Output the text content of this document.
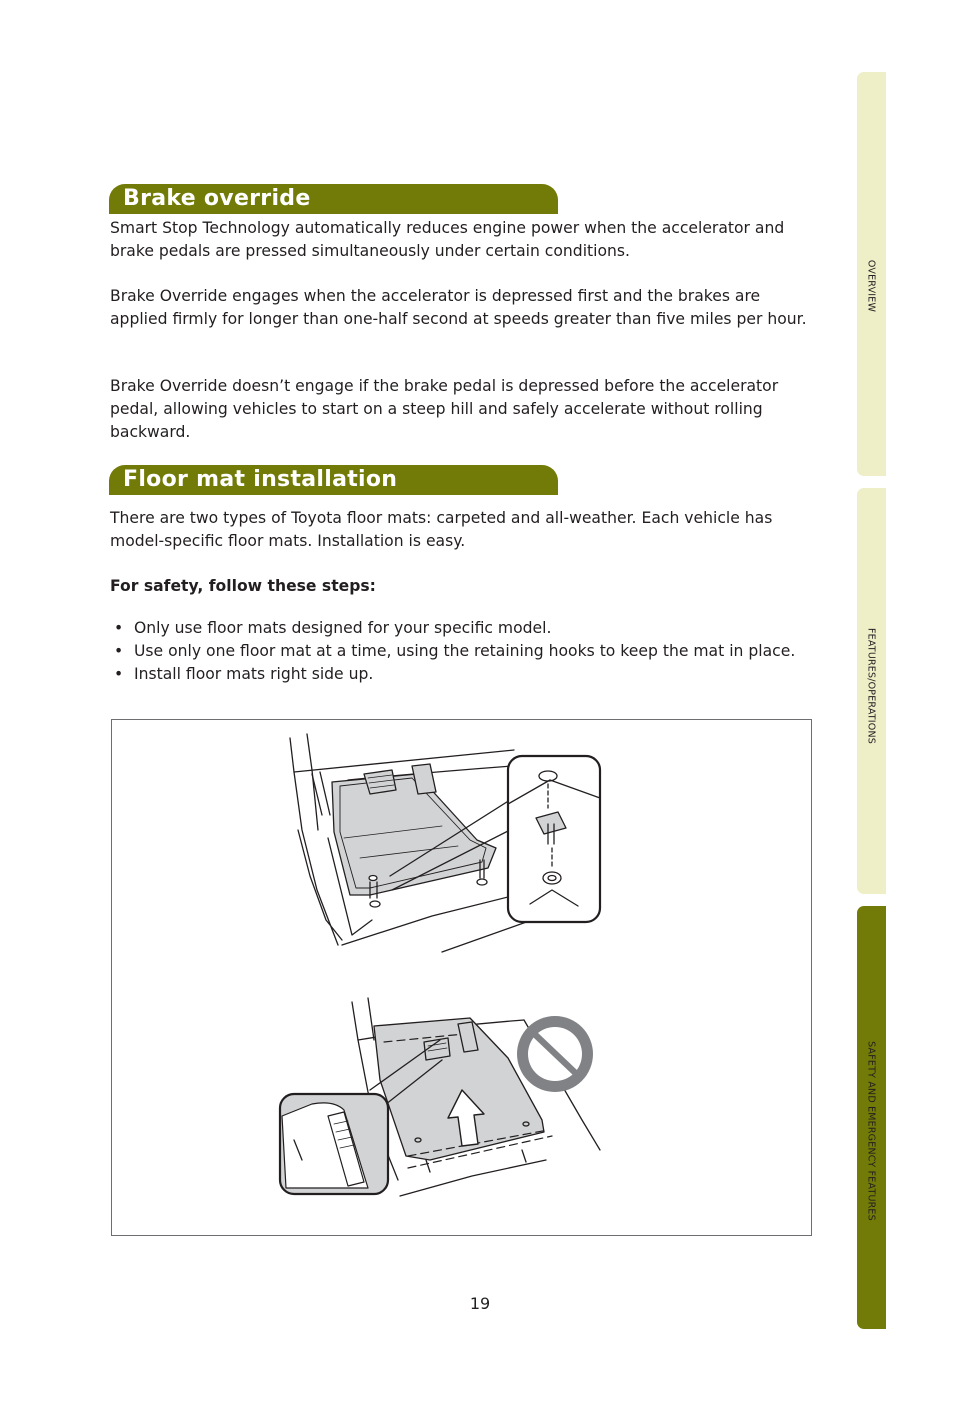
OVERVIEW
FEATURES/OPERATIONS
SAFETY AND EMERGENCY FEATURES
Brake override

Smart Stop Technology automatically reduces engine power when the accelerator and brake pedals are pressed simultaneously under certain conditions.

Brake Override engages when the accelerator is depressed first and the brakes are applied firmly for longer than one-half second at speeds greater than five miles per hour.

Brake Override doesn’t engage if the brake pedal is depressed before the accelerator pedal, allowing vehicles to start on a steep hill and safely accelerate without rolling backward.

Floor mat installation

There are two types of Toyota floor mats: carpeted and all-weather. Each vehicle has model-specific floor mats. Installation is easy.

For safety, follow these steps:

• Only use floor mats designed for your specific model.
• Use only one floor mat at a time, using the retaining hooks to keep the mat in place.
• Install floor mats right side up.
19
